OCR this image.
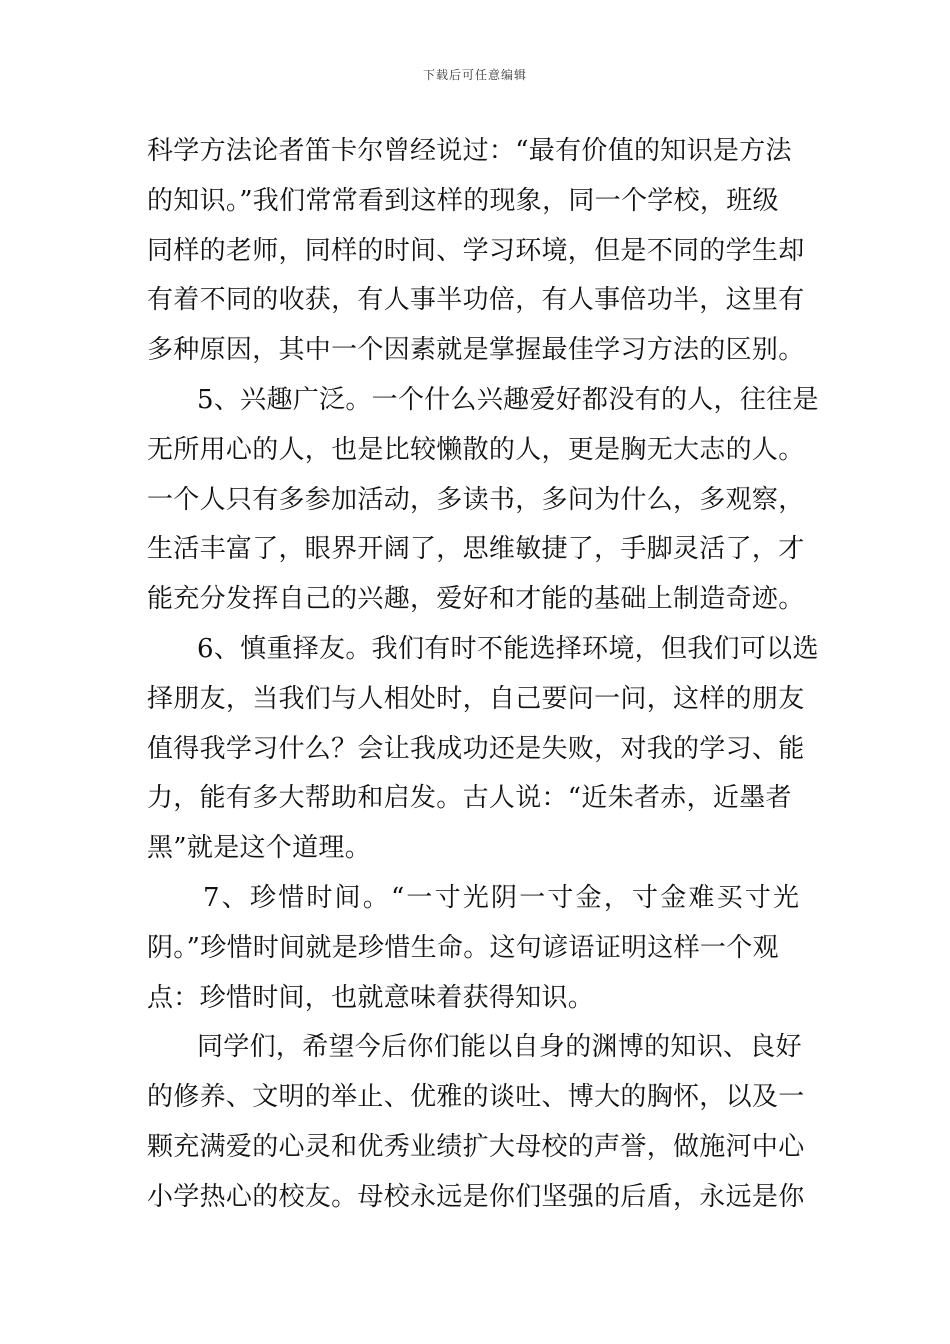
下载后可任意编辑
科学方法论者笛卡尔曾经说过：“最有价值的知识是方法
的知识。”我们常常看到这样的现象，同一个学校，班级
同样的老师，同样的时间、学习环境，但是不同的学生却
有着不同的收获，有人事半功倍，有人事倍功半，这里有
多种原因，其中一个因素就是掌握最佳学习方法的区别。
5、兴趣广泛。一个什么兴趣爱好都没有的人，往往是
无所用心的人，也是比较懒散的人，更是胸无大志的人。
一个人只有多参加活动，多读书，多问为什么，多观察，
生活丰富了，眼界开阔了，思维敏捷了，手脚灵活了，才
能充分发挥自己的兴趣，爱好和才能的基础上制造奇迹。
6、慎重择友。我们有时不能选择环境，但我们可以选
择朋友，当我们与人相处时，自己要问一问，这样的朋友
值得我学习什么？会让我成功还是失败，对我的学习、能
力，能有多大帮助和启发。古人说：“近朱者赤，近墨者
黑”就是这个道理。
7、珍惜时间。“一寸光阴一寸金，寸金难买寸光
阴。”珍惜时间就是珍惜生命。这句谚语证明这样一个观
点：珍惜时间，也就意味着获得知识。
同学们，希望今后你们能以自身的渊博的知识、良好
的修养、文明的举止、优雅的谈吐、博大的胸怀，以及一
颗充满爱的心灵和优秀业绩扩大母校的声誉，做施河中心
小学热心的校友。母校永远是你们坚强的后盾，永远是你
